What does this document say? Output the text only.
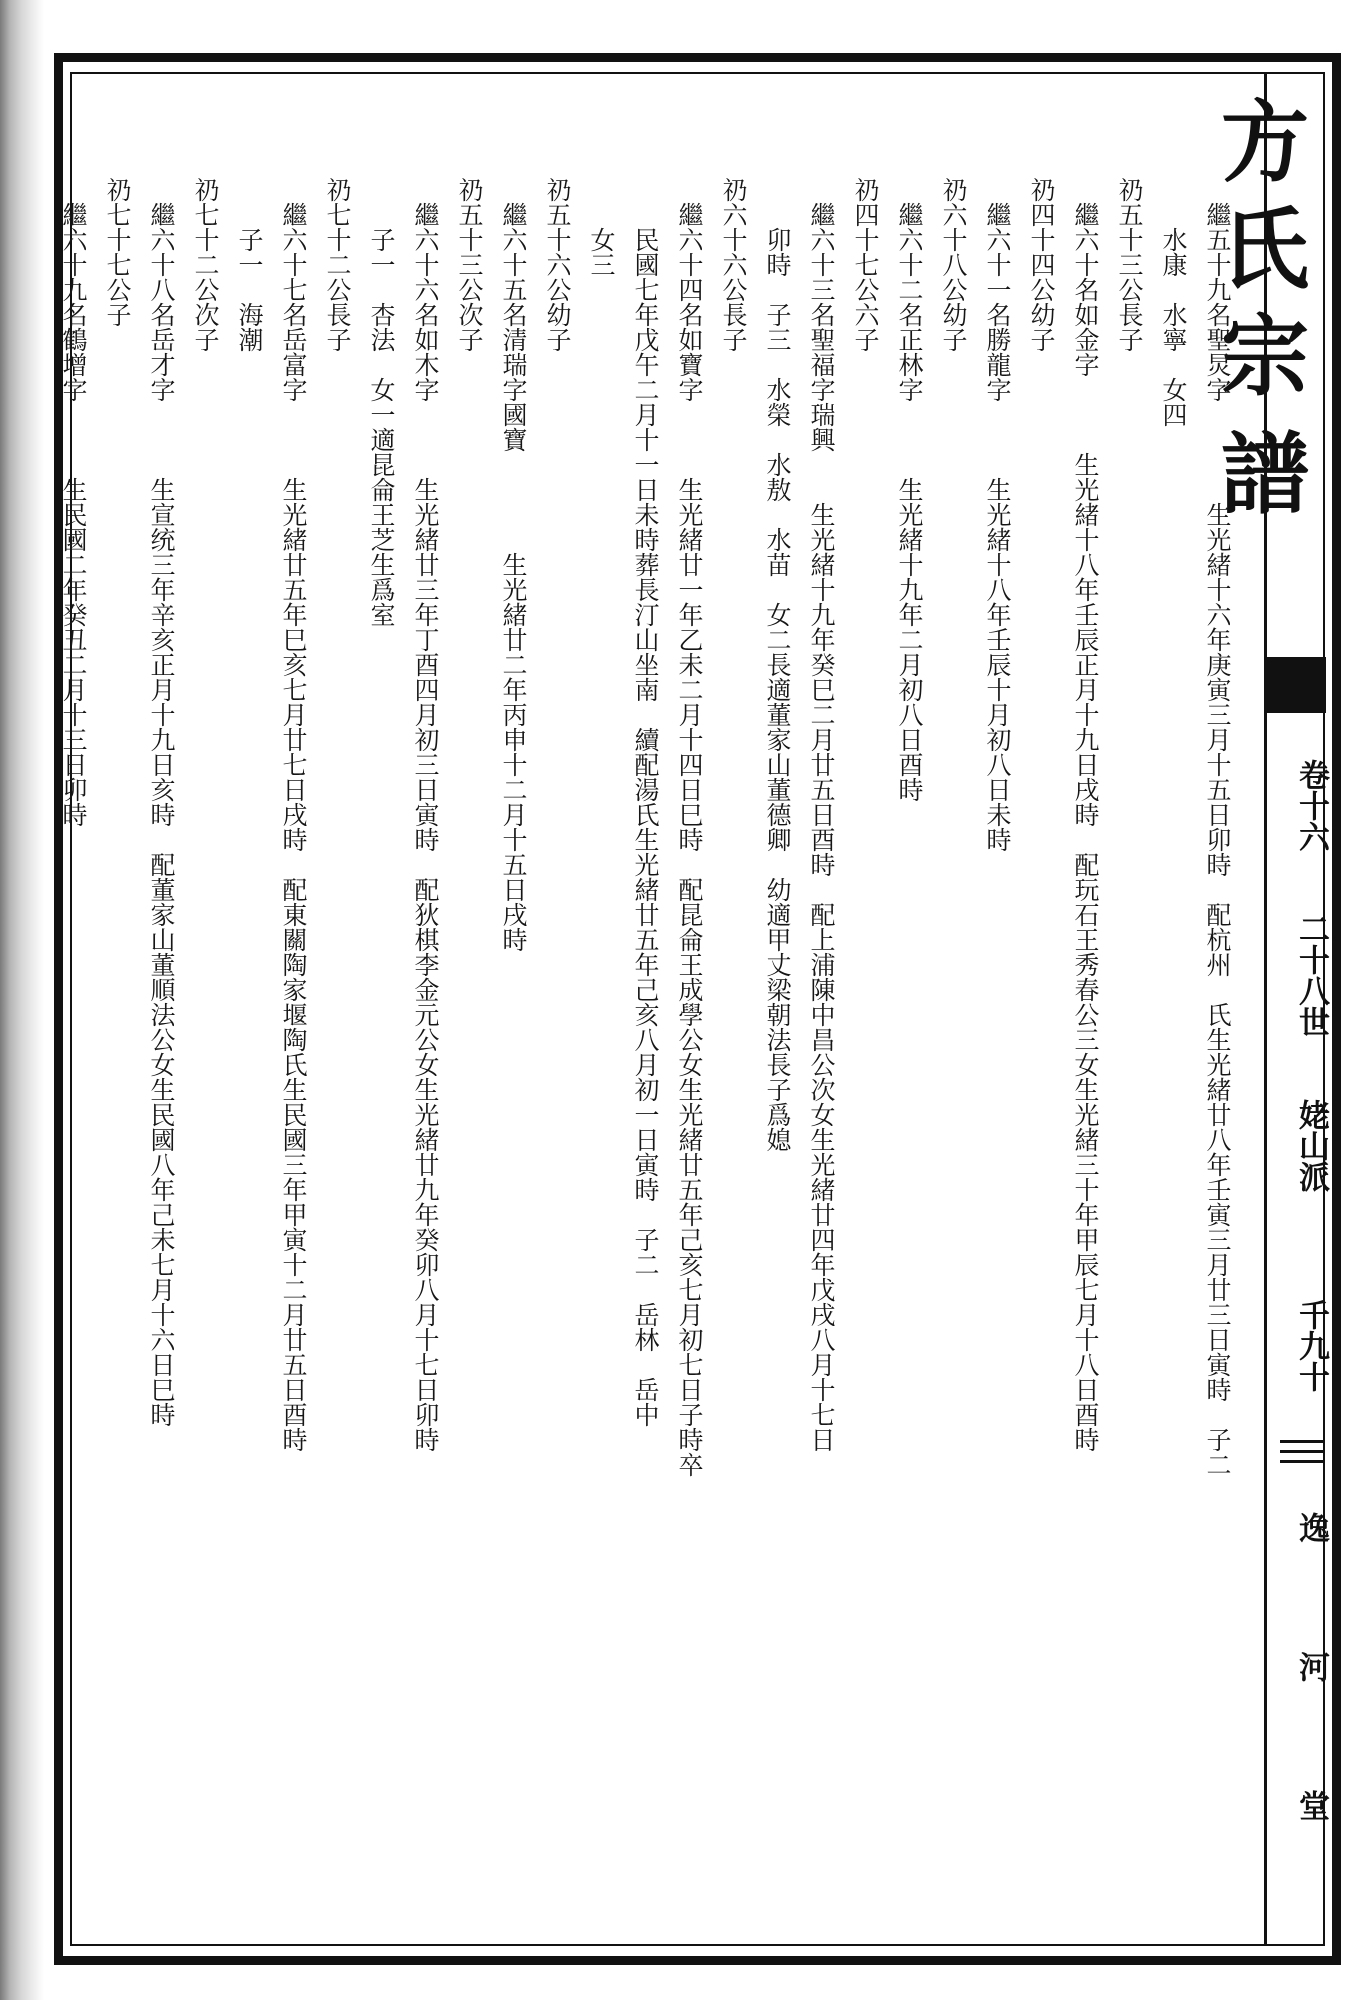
方
氏
宗
譜
卷十六
二十八世
姥山派
千九十
逸河堂
　　繼五十九名聖炅字　　　　生光緒十六年庚寅三月十五日卯時　配杭州　氏生光緒廿八年壬寅三月廿三日寅時　子二
　　　水康　水寧　女四
　礽五十三公長子
　　繼六十名如金字　　　生光緒十八年壬辰正月十九日戌時　配玩石王秀春公三女生光緒三十年甲辰七月十八日酉時
　礽四十四公幼子
　　繼六十一名勝龍字　　　生光緒十八年壬辰十月初八日未時
　礽六十八公幼子
　　繼六十二名正林字　　　生光緒十九年二月初八日酉時
　礽四十七公六子
　　繼六十三名聖福字瑞興　　生光緒十九年癸巳二月廿五日酉時　配上浦陳中昌公次女生光緒廿四年戊戌八月十七日
　　　卯時　子三　水榮　水敖　水苗　女二長適董家山董德卿　幼適甲丈梁朝法長子爲媳
　礽六十六公長子
　　繼六十四名如寶字　　　生光緒廿一年乙未二月十四日巳時　配昆侖王成學公女生光緒廿五年己亥七月初七日子時卒
　　　民國七年戊午二月十一日未時葬長汀山坐南　續配湯氏生光緒廿五年己亥八月初一日寅時　子二　岳林　岳中
　　　女三
　礽五十六公幼子
　　繼六十五名清瑞字國寶　　　　生光緒廿二年丙申十二月十五日戌時
　礽五十三公次子
　　繼六十六名如木字　　　生光緒廿三年丁酉四月初三日寅時　配狄棋李金元公女生光緒廿九年癸卯八月十七日卯時
　　　子一　杏法　女一適昆侖王芝生爲室
　礽七十二公長子
　　繼六十七名岳富字　　　生光緒廿五年巳亥七月廿七日戌時　配東關陶家堰陶氏生民國三年甲寅十二月廿五日酉時
　　　子一　海潮
　礽七十二公次子
　　繼六十八名岳才字　　　生宣统三年辛亥正月十九日亥時　配董家山董順法公女生民國八年己未七月十六日巳時
　礽七十七公子
　　繼六十九名鶴增字　　　生民國二年癸丑二月十三日卯時
